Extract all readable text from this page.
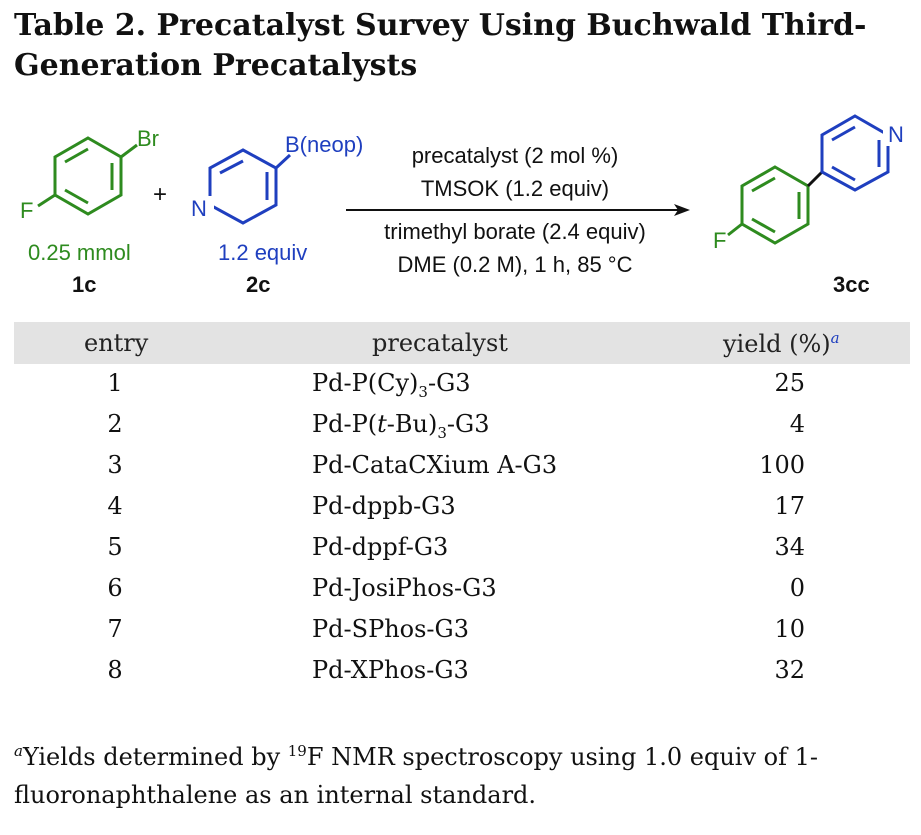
Table 2. Precatalyst Survey Using Buchwald Third-
Generation Precatalysts
Br
F
+
N
B(neop)	N
F
0.25 mmol
1c
1.2 equiv
2c	3cc
precatalyst (2 mol %)
TMSOK (1.2 equiv)
trimethyl borate (2.4 equiv)
DME (0.2 M), 1 h, 85 °C
entry	precatalyst	yield (%)$^a$
1	$Pd-P(Cy)_3-G3$	25
2	$Pd-P(t-Bu)_3-G3$	4
3	Pd-CataCXium A-G3	100
4	Pd-dppb-G3	17
5	Pd-dppf-G3	34
6	Pd-JosiPhos-G3	0
7	Pd-SPhos-G3	10
8	Pd-XPhos-G3	32
$^a$Yields determined by $^{19}$F NMR spectroscopy using 1.0 equiv of 1-
fluoronaphthalene as an internal standard.
